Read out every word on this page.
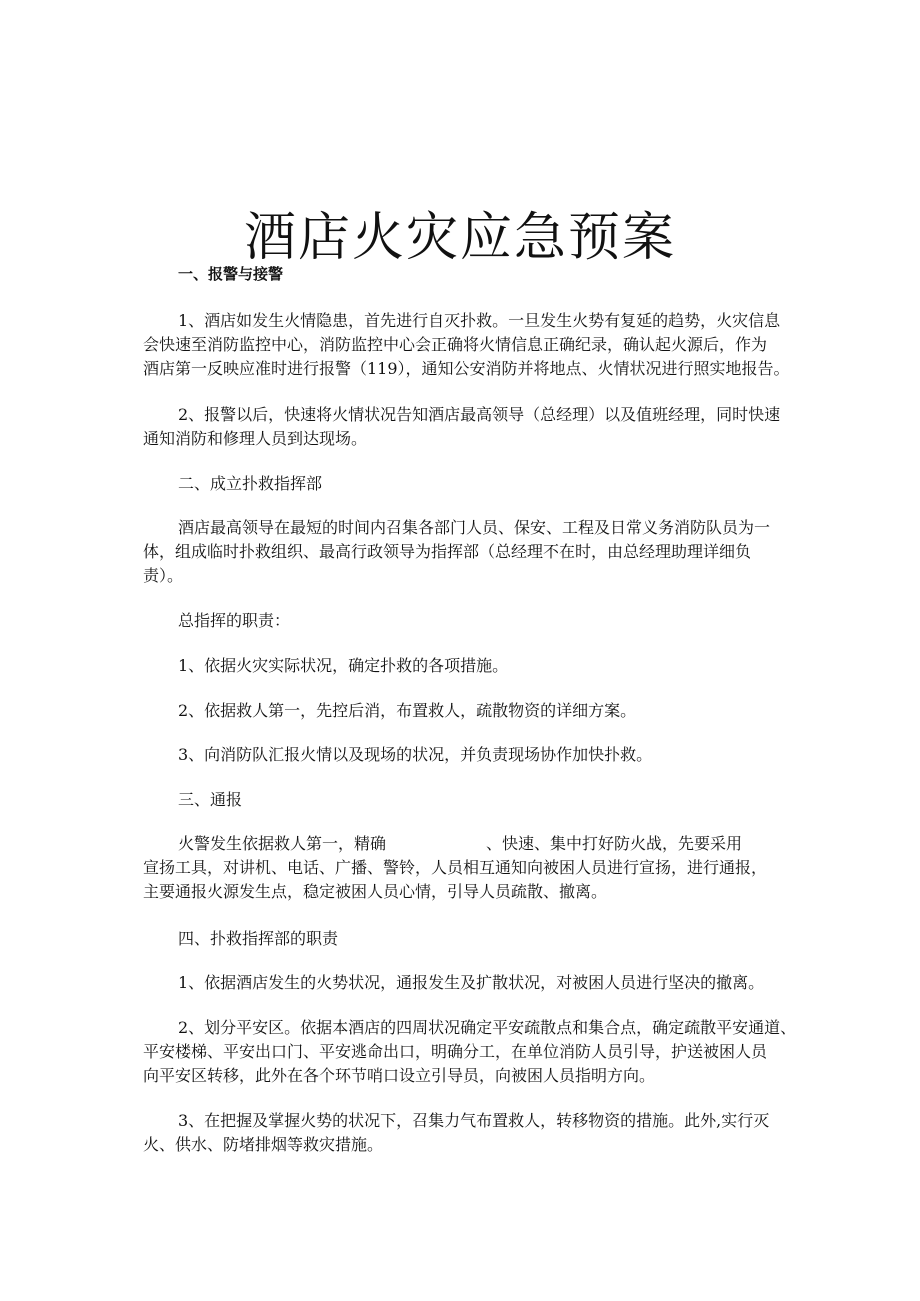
酒店火灾应急预案
一、报警与接警
1、酒店如发生火情隐患，首先进行自灭扑救。一旦发生火势有复延的趋势，火灾信息
会快速至消防监控中心，消防监控中心会正确将火情信息正确纪录，确认起火源后，作为
酒店第一反映应准时进行报警（119），通知公安消防并将地点、火情状况进行照实地报告。
2、报警以后，快速将火情状况告知酒店最高领导（总经理）以及值班经理，同时快速
通知消防和修理人员到达现场。
二、成立扑救指挥部
酒店最高领导在最短的时间内召集各部门人员、保安、工程及日常义务消防队员为一
体，组成临时扑救组织、最高行政领导为指挥部（总经理不在时，由总经理助理详细负
责）。
总指挥的职责：
1、依据火灾实际状况，确定扑救的各项措施。
2、依据救人第一，先控后消，布置救人，疏散物资的详细方案。
3、向消防队汇报火情以及现场的状况，并负责现场协作加快扑救。
三、通报
火警发生依据救人第一，精确	、快速、集中打好防火战，先要采用
宣扬工具，对讲机、电话、广播、警铃，人员相互通知向被困人员进行宣扬，进行通报，
主要通报火源发生点，稳定被困人员心情，引导人员疏散、撤离。
四、扑救指挥部的职责
1、依据酒店发生的火势状况，通报发生及扩散状况，对被困人员进行坚决的撤离。
2、划分平安区。依据本酒店的四周状况确定平安疏散点和集合点，确定疏散平安通道、
平安楼梯、平安出口门、平安逃命出口，明确分工，在单位消防人员引导，护送被困人员
向平安区转移，此外在各个环节哨口设立引导员，向被困人员指明方向。
3、在把握及掌握火势的状况下，召集力气布置救人，转移物资的措施。此外,实行灭
火、供水、防堵排烟等救灾措施。
